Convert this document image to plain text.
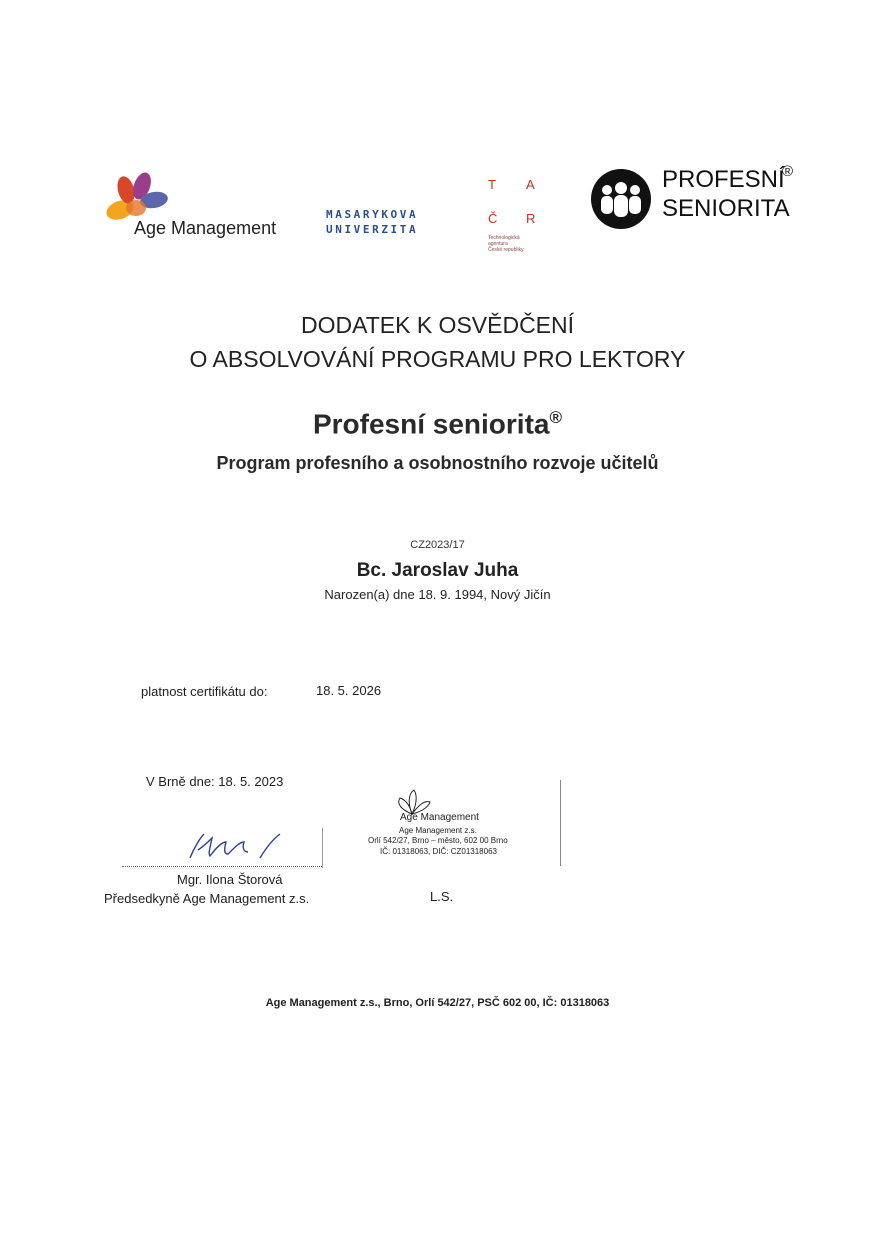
Age Management
MASARYKOVA
UNIVERZITA
T A
Č R
Technologická
agentura
České republiky
PROFESNÍ
SENIORITA
®
DODATEK K OSVĚDČENÍ
O ABSOLVOVÁNÍ PROGRAMU PRO LEKTORY
Profesní seniorita®
Program profesního a osobnostního rozvoje učitelů
CZ2023/17
Bc. Jaroslav Juha
Narozen(a) dne 18. 9. 1994, Nový Jičín
platnost certifikátu do:	18. 5. 2026
V Brně dne: 18. 5. 2023
Mgr. Ilona Štorová
Předsedkyně Age Management z.s.
Age Management
Age Management z.s.
Orlí 542/27, Brno – město, 602 00 Brno
IČ: 01318063, DIČ: CZ01318063
L.S.
Age Management z.s., Brno, Orlí 542/27, PSČ 602 00, IČ: 01318063
